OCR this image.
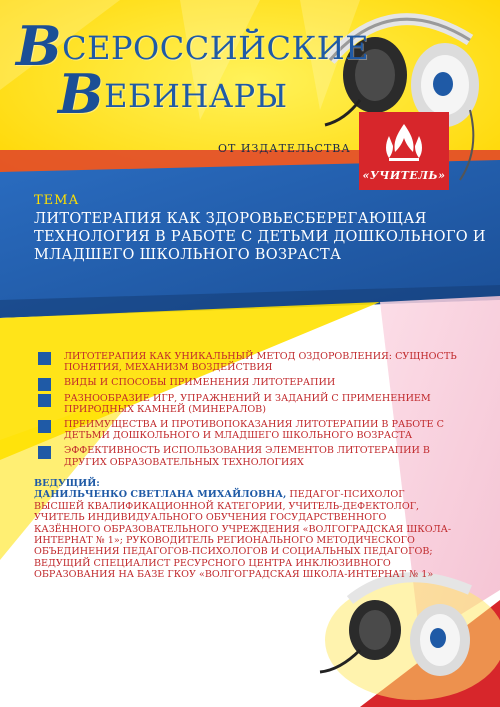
ВСЕРОССИЙСКИЕ
ВЕБИНАРЫ
ОТ ИЗДАТЕЛЬСТВА
«УЧИТЕЛЬ»
ТЕМА
ЛИТОТЕРАПИЯ КАК ЗДОРОВЬЕСБЕРЕГАЮЩАЯ ТЕХНОЛОГИЯ В РАБОТЕ С ДЕТЬМИ ДОШКОЛЬНОГО И МЛАДШЕГО ШКОЛЬНОГО ВОЗРАСТА
ЛИТОТЕРАПИЯ КАК УНИКАЛЬНЫЙ МЕТОД ОЗДОРОВЛЕНИЯ: СУЩНОСТЬ ПОНЯТИЯ, МЕХАНИЗМ ВОЗДЕЙСТВИЯ
ВИДЫ И СПОСОБЫ ПРИМЕНЕНИЯ ЛИТОТЕРАПИИ
РАЗНООБРАЗИЕ ИГР, УПРАЖНЕНИЙ И ЗАДАНИЙ С ПРИМЕНЕНИЕМ ПРИРОДНЫХ КАМНЕЙ (МИНЕРАЛОВ)
ПРЕИМУЩЕСТВА И ПРОТИВОПОКАЗАНИЯ ЛИТОТЕРАПИИ В РАБОТЕ С ДЕТЬМИ ДОШКОЛЬНОГО И МЛАДШЕГО ШКОЛЬНОГО ВОЗРАСТА
ЭФФЕКТИВНОСТЬ ИСПОЛЬЗОВАНИЯ ЭЛЕМЕНТОВ ЛИТОТЕРАПИИ В ДРУГИХ ОБРАЗОВАТЕЛЬНЫХ ТЕХНОЛОГИЯХ
ВЕДУЩИЙ:
ДАНИЛЬЧЕНКО СВЕТЛАНА МИХАЙЛОВНА, ПЕДАГОГ-ПСИХОЛОГ ВЫСШЕЙ КВАЛИФИКАЦИОННОЙ КАТЕГОРИИ, УЧИТЕЛЬ-ДЕФЕКТОЛОГ, УЧИТЕЛЬ ИНДИВИДУАЛЬНОГО ОБУЧЕНИЯ ГОСУДАРСТВЕННОГО КАЗЁННОГО ОБРАЗОВАТЕЛЬНОГО УЧРЕЖДЕНИЯ «ВОЛГОГРАДСКАЯ ШКОЛА-ИНТЕРНАТ № 1»; РУКОВОДИТЕЛЬ РЕГИОНАЛЬНОГО МЕТОДИЧЕСКОГО ОБЪЕДИНЕНИЯ ПЕДАГОГОВ-ПСИХОЛОГОВ И СОЦИАЛЬНЫХ ПЕДАГОГОВ; ВЕДУЩИЙ СПЕЦИАЛИСТ РЕСУРСНОГО ЦЕНТРА ИНКЛЮЗИВНОГО ОБРАЗОВАНИЯ НА БАЗЕ ГКОУ «ВОЛГОГРАДСКАЯ ШКОЛА-ИНТЕРНАТ № 1»
